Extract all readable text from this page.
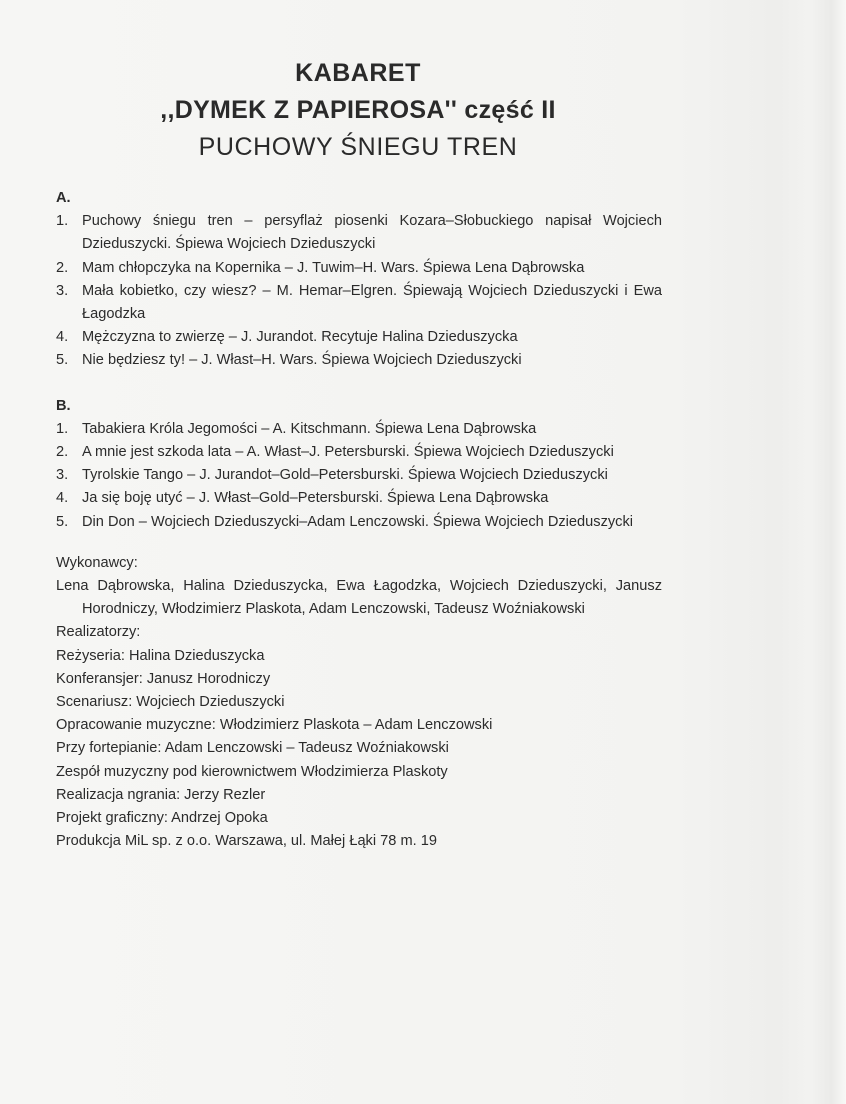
KABARET
,,DYMEK Z PAPIEROSA'' część II
PUCHOWY ŚNIEGU TREN

A.

1. Puchowy śniegu tren – persyflaż piosenki Kozara–Słobuckiego napisał Wojciech Dzieduszycki. Śpiewa Wojciech Dzieduszycki
2. Mam chłopczyka na Kopernika – J. Tuwim–H. Wars. Śpiewa Lena Dąbrowska
3. Mała kobietko, czy wiesz? – M. Hemar–Elgren. Śpiewają Wojciech Dzieduszycki i Ewa Łagodzka
4. Mężczyzna to zwierzę – J. Jurandot. Recytuje Halina Dzieduszycka
5. Nie będziesz ty! – J. Włast–H. Wars. Śpiewa Wojciech Dzieduszycki

B.

1. Tabakiera Króla Jegomości – A. Kitschmann. Śpiewa Lena Dąbrowska
2. A mnie jest szkoda lata – A. Włast–J. Petersburski. Śpiewa Wojciech Dzieduszycki
3. Tyrolskie Tango – J. Jurandot–Gold–Petersburski. Śpiewa Wojciech Dzieduszycki
4. Ja się boję utyć – J. Włast–Gold–Petersburski. Śpiewa Lena Dąbrowska
5. Din Don – Wojciech Dzieduszycki–Adam Lenczowski. Śpiewa Wojciech Dzieduszycki

Wykonawcy:

Lena Dąbrowska, Halina Dzieduszycka, Ewa Łagodzka, Wojciech Dzieduszycki, Janusz Horodniczy, Włodzimierz Plaskota, Adam Lenczowski, Tadeusz Woźniakowski

Realizatorzy:

Reżyseria: Halina Dzieduszycka

Konferansjer: Janusz Horodniczy

Scenariusz: Wojciech Dzieduszycki

Opracowanie muzyczne: Włodzimierz Plaskota – Adam Lenczowski

Przy fortepianie: Adam Lenczowski – Tadeusz Woźniakowski

Zespół muzyczny pod kierownictwem Włodzimierza Plaskoty

Realizacja ngrania: Jerzy Rezler

Projekt graficzny: Andrzej Opoka

Produkcja MiL sp. z o.o. Warszawa, ul. Małej Łąki 78 m. 19
